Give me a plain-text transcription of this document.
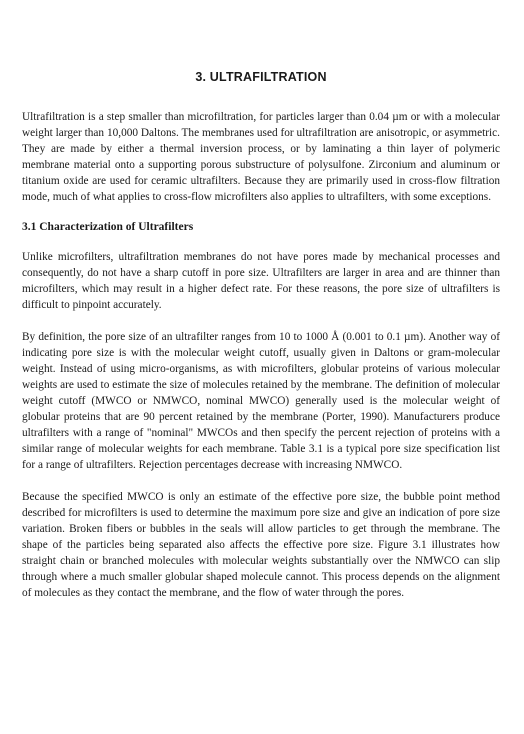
3. ULTRAFILTRATION

Ultrafiltration is a step smaller than microfiltration, for particles larger than 0.04 µm or with a molecular weight larger than 10,000 Daltons. The membranes used for ultrafiltration are anisotropic, or asymmetric. They are made by either a thermal inversion process, or by laminating a thin layer of polymeric membrane material onto a supporting porous substructure of polysulfone. Zirconium and aluminum or titanium oxide are used for ceramic ultrafilters. Because they are primarily used in cross-flow filtration mode, much of what applies to cross-flow microfilters also applies to ultrafilters, with some exceptions.

3.1 Characterization of Ultrafilters

Unlike microfilters, ultrafiltration membranes do not have pores made by mechanical processes and consequently, do not have a sharp cutoff in pore size. Ultrafilters are larger in area and are thinner than microfilters, which may result in a higher defect rate. For these reasons, the pore size of ultrafilters is difficult to pinpoint accurately.

By definition, the pore size of an ultrafilter ranges from 10 to 1000 Å (0.001 to 0.1 µm). Another way of indicating pore size is with the molecular weight cutoff, usually given in Daltons or gram-molecular weight. Instead of using micro-organisms, as with microfilters, globular proteins of various molecular weights are used to estimate the size of molecules retained by the membrane. The definition of molecular weight cutoff (MWCO or NMWCO, nominal MWCO) generally used is the molecular weight of globular proteins that are 90 percent retained by the membrane (Porter, 1990). Manufacturers produce ultrafilters with a range of "nominal" MWCOs and then specify the percent rejection of proteins with a similar range of molecular weights for each membrane. Table 3.1 is a typical pore size specification list for a range of ultrafilters. Rejection percentages decrease with increasing NMWCO.

Because the specified MWCO is only an estimate of the effective pore size, the bubble point method described for microfilters is used to determine the maximum pore size and give an indication of pore size variation. Broken fibers or bubbles in the seals will allow particles to get through the membrane. The shape of the particles being separated also affects the effective pore size. Figure 3.1 illustrates how straight chain or branched molecules with molecular weights substantially over the NMWCO can slip through where a much smaller globular shaped molecule cannot. This process depends on the alignment of molecules as they contact the membrane, and the flow of water through the pores.
